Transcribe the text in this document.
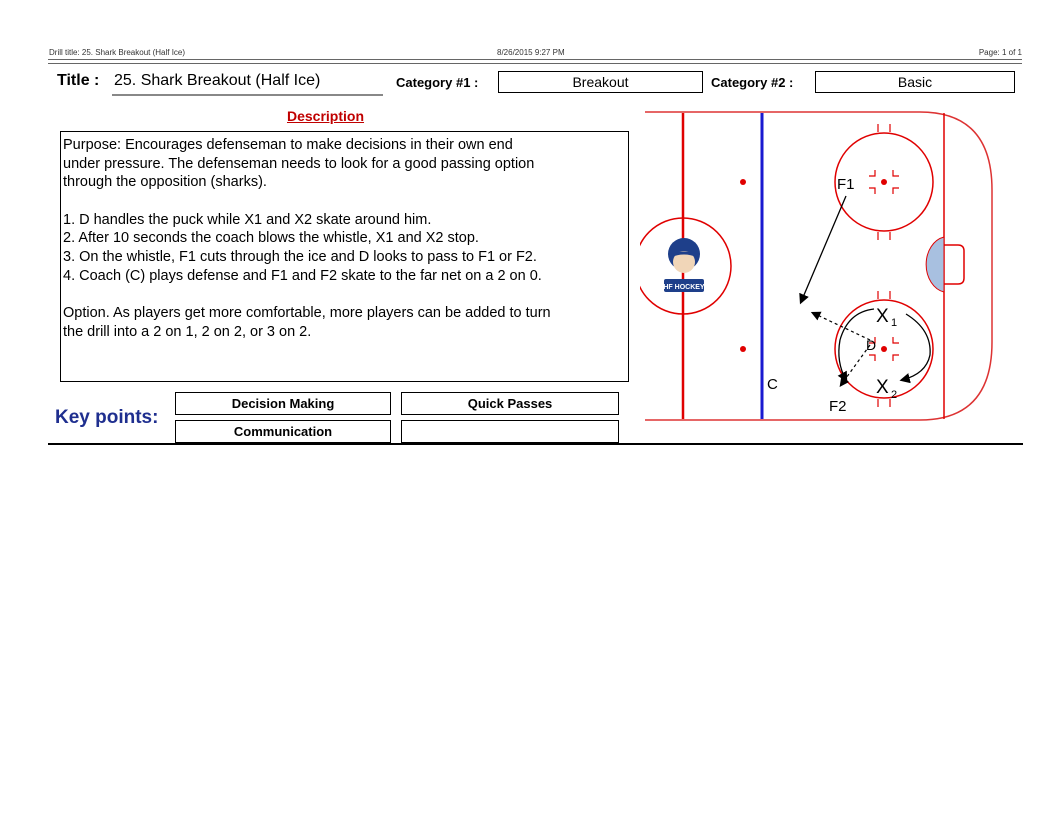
Drill title: 25. Shark Breakout (Half Ice)	8/26/2015 9:27 PM	Page: 1 of 1
Title : 25. Shark Breakout (Half Ice)	Category #1 :	Breakout	Category #2 :	Basic
Description
Purpose: Encourages defenseman to make decisions in their own end
under pressure. The defenseman needs to look for a good passing option
through the opposition (sharks).
1. D handles the puck while X1 and X2 skate around him.
2. After 10 seconds the coach blows the whistle, X1 and X2 stop.
3. On the whistle, F1 cuts through the ice and D looks to pass to F1 or F2.
4. Coach (C) plays defense and F1 and F2 skate to the far net on a 2 on 0.
Option. As players get more comfortable, more players can be added to turn
the drill into a 2 on 1, 2 on 2, or 3 on 2.
Key points:
Decision Making	Quick Passes
Communication
HF HOCKEY
F1
F2
X 1
X 2
D
C
